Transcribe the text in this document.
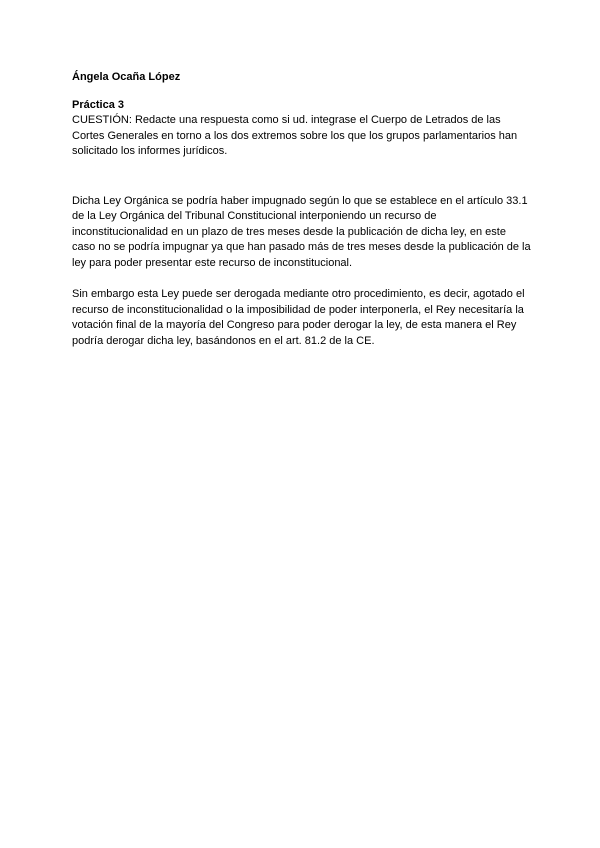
Ángela Ocaña López

Práctica 3

CUESTIÓN: Redacte una respuesta como si ud. integrase el Cuerpo de Letrados de las Cortes Generales en torno a los dos extremos sobre los que los grupos parlamentarios han solicitado los informes jurídicos.

Dicha Ley Orgánica se podría haber impugnado según lo que se establece en el artículo 33.1 de la Ley Orgánica del Tribunal Constitucional interponiendo un recurso de inconstitucionalidad en un plazo de tres meses desde la publicación de dicha ley, en este caso no se podría impugnar ya que han pasado más de tres meses desde la publicación de la ley para poder presentar este recurso de inconstitucional.

Sin embargo esta Ley puede ser derogada mediante otro procedimiento, es decir, agotado el recurso de inconstitucionalidad o la imposibilidad de poder interponerla, el Rey necesitaría la votación final de la mayoría del Congreso para poder derogar la ley, de esta manera el Rey podría derogar dicha ley, basándonos en el art. 81.2 de la CE.
